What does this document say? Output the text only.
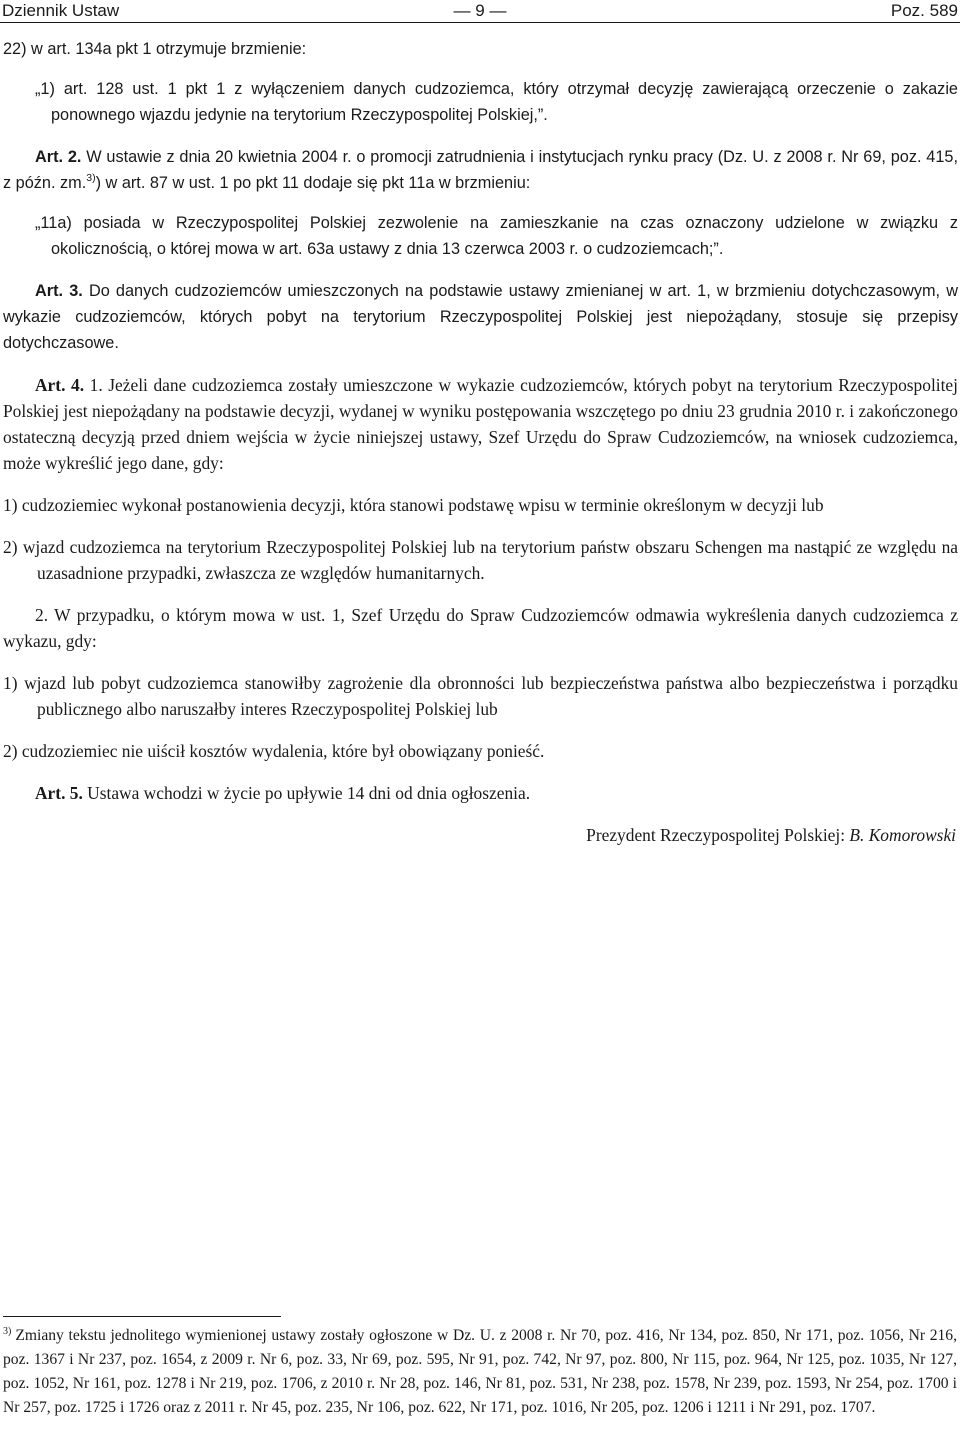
Dziennik Ustaw	— 9 —	Poz. 589

22) w art. 134a pkt 1 otrzymuje brzmienie:

„1) art. 128 ust. 1 pkt 1 z wyłączeniem danych cudzoziemca, który otrzymał decyzję zawierającą orzeczenie o zakazie ponownego wjazdu jedynie na terytorium Rzeczypospolitej Polskiej,”.

Art. 2. W ustawie z dnia 20 kwietnia 2004 r. o promocji zatrudnienia i instytucjach rynku pracy (Dz. U. z 2008 r. Nr 69, poz. 415, z późn. zm.$^{3)}$) w art. 87 w ust. 1 po pkt 11 dodaje się pkt 11a w brzmieniu:

„11a) posiada w Rzeczypospolitej Polskiej zezwolenie na zamieszkanie na czas oznaczony udzielone w związku z okolicznością, o której mowa w art. 63a ustawy z dnia 13 czerwca 2003 r. o cudzoziemcach;”.

Art. 3. Do danych cudzoziemców umieszczonych na podstawie ustawy zmienianej w art. 1, w brzmieniu dotychczasowym, w wykazie cudzoziemców, których pobyt na terytorium Rzeczypospolitej Polskiej jest niepożądany, stosuje się przepisy dotychczasowe.

Art. 4. 1. Jeżeli dane cudzoziemca zostały umieszczone w wykazie cudzoziemców, których pobyt na terytorium Rzeczypospolitej Polskiej jest niepożądany na podstawie decyzji, wydanej w wyniku postępowania wszczętego po dniu 23 grudnia 2010 r. i zakończonego ostateczną decyzją przed dniem wejścia w życie niniejszej ustawy, Szef Urzędu do Spraw Cudzoziemców, na wniosek cudzoziemca, może wykreślić jego dane, gdy:

1) cudzoziemiec wykonał postanowienia decyzji, która stanowi podstawę wpisu w terminie określonym w decyzji lub

2) wjazd cudzoziemca na terytorium Rzeczypospolitej Polskiej lub na terytorium państw obszaru Schengen ma nastąpić ze względu na uzasadnione przypadki, zwłaszcza ze względów humanitarnych.

2. W przypadku, o którym mowa w ust. 1, Szef Urzędu do Spraw Cudzoziemców odmawia wykreślenia danych cudzoziemca z wykazu, gdy:

1) wjazd lub pobyt cudzoziemca stanowiłby zagrożenie dla obronności lub bezpieczeństwa państwa albo bezpieczeństwa i porządku publicznego albo naruszałby interes Rzeczypospolitej Polskiej lub

2) cudzoziemiec nie uiścił kosztów wydalenia, które był obowiązany ponieść.

Art. 5. Ustawa wchodzi w życie po upływie 14 dni od dnia ogłoszenia.

Prezydent Rzeczypospolitej Polskiej: B. Komorowski

$^{3)}$ Zmiany tekstu jednolitego wymienionej ustawy zostały ogłoszone w Dz. U. z 2008 r. Nr 70, poz. 416, Nr 134, poz. 850, Nr 171, poz. 1056, Nr 216, poz. 1367 i Nr 237, poz. 1654, z 2009 r. Nr 6, poz. 33, Nr 69, poz. 595, Nr 91, poz. 742, Nr 97, poz. 800, Nr 115, poz. 964, Nr 125, poz. 1035, Nr 127, poz. 1052, Nr 161, poz. 1278 i Nr 219, poz. 1706, z 2010 r. Nr 28, poz. 146, Nr 81, poz. 531, Nr 238, poz. 1578, Nr 239, poz. 1593, Nr 254, poz. 1700 i Nr 257, poz. 1725 i 1726 oraz z 2011 r. Nr 45, poz. 235, Nr 106, poz. 622, Nr 171, poz. 1016, Nr 205, poz. 1206 i 1211 i Nr 291, poz. 1707.
